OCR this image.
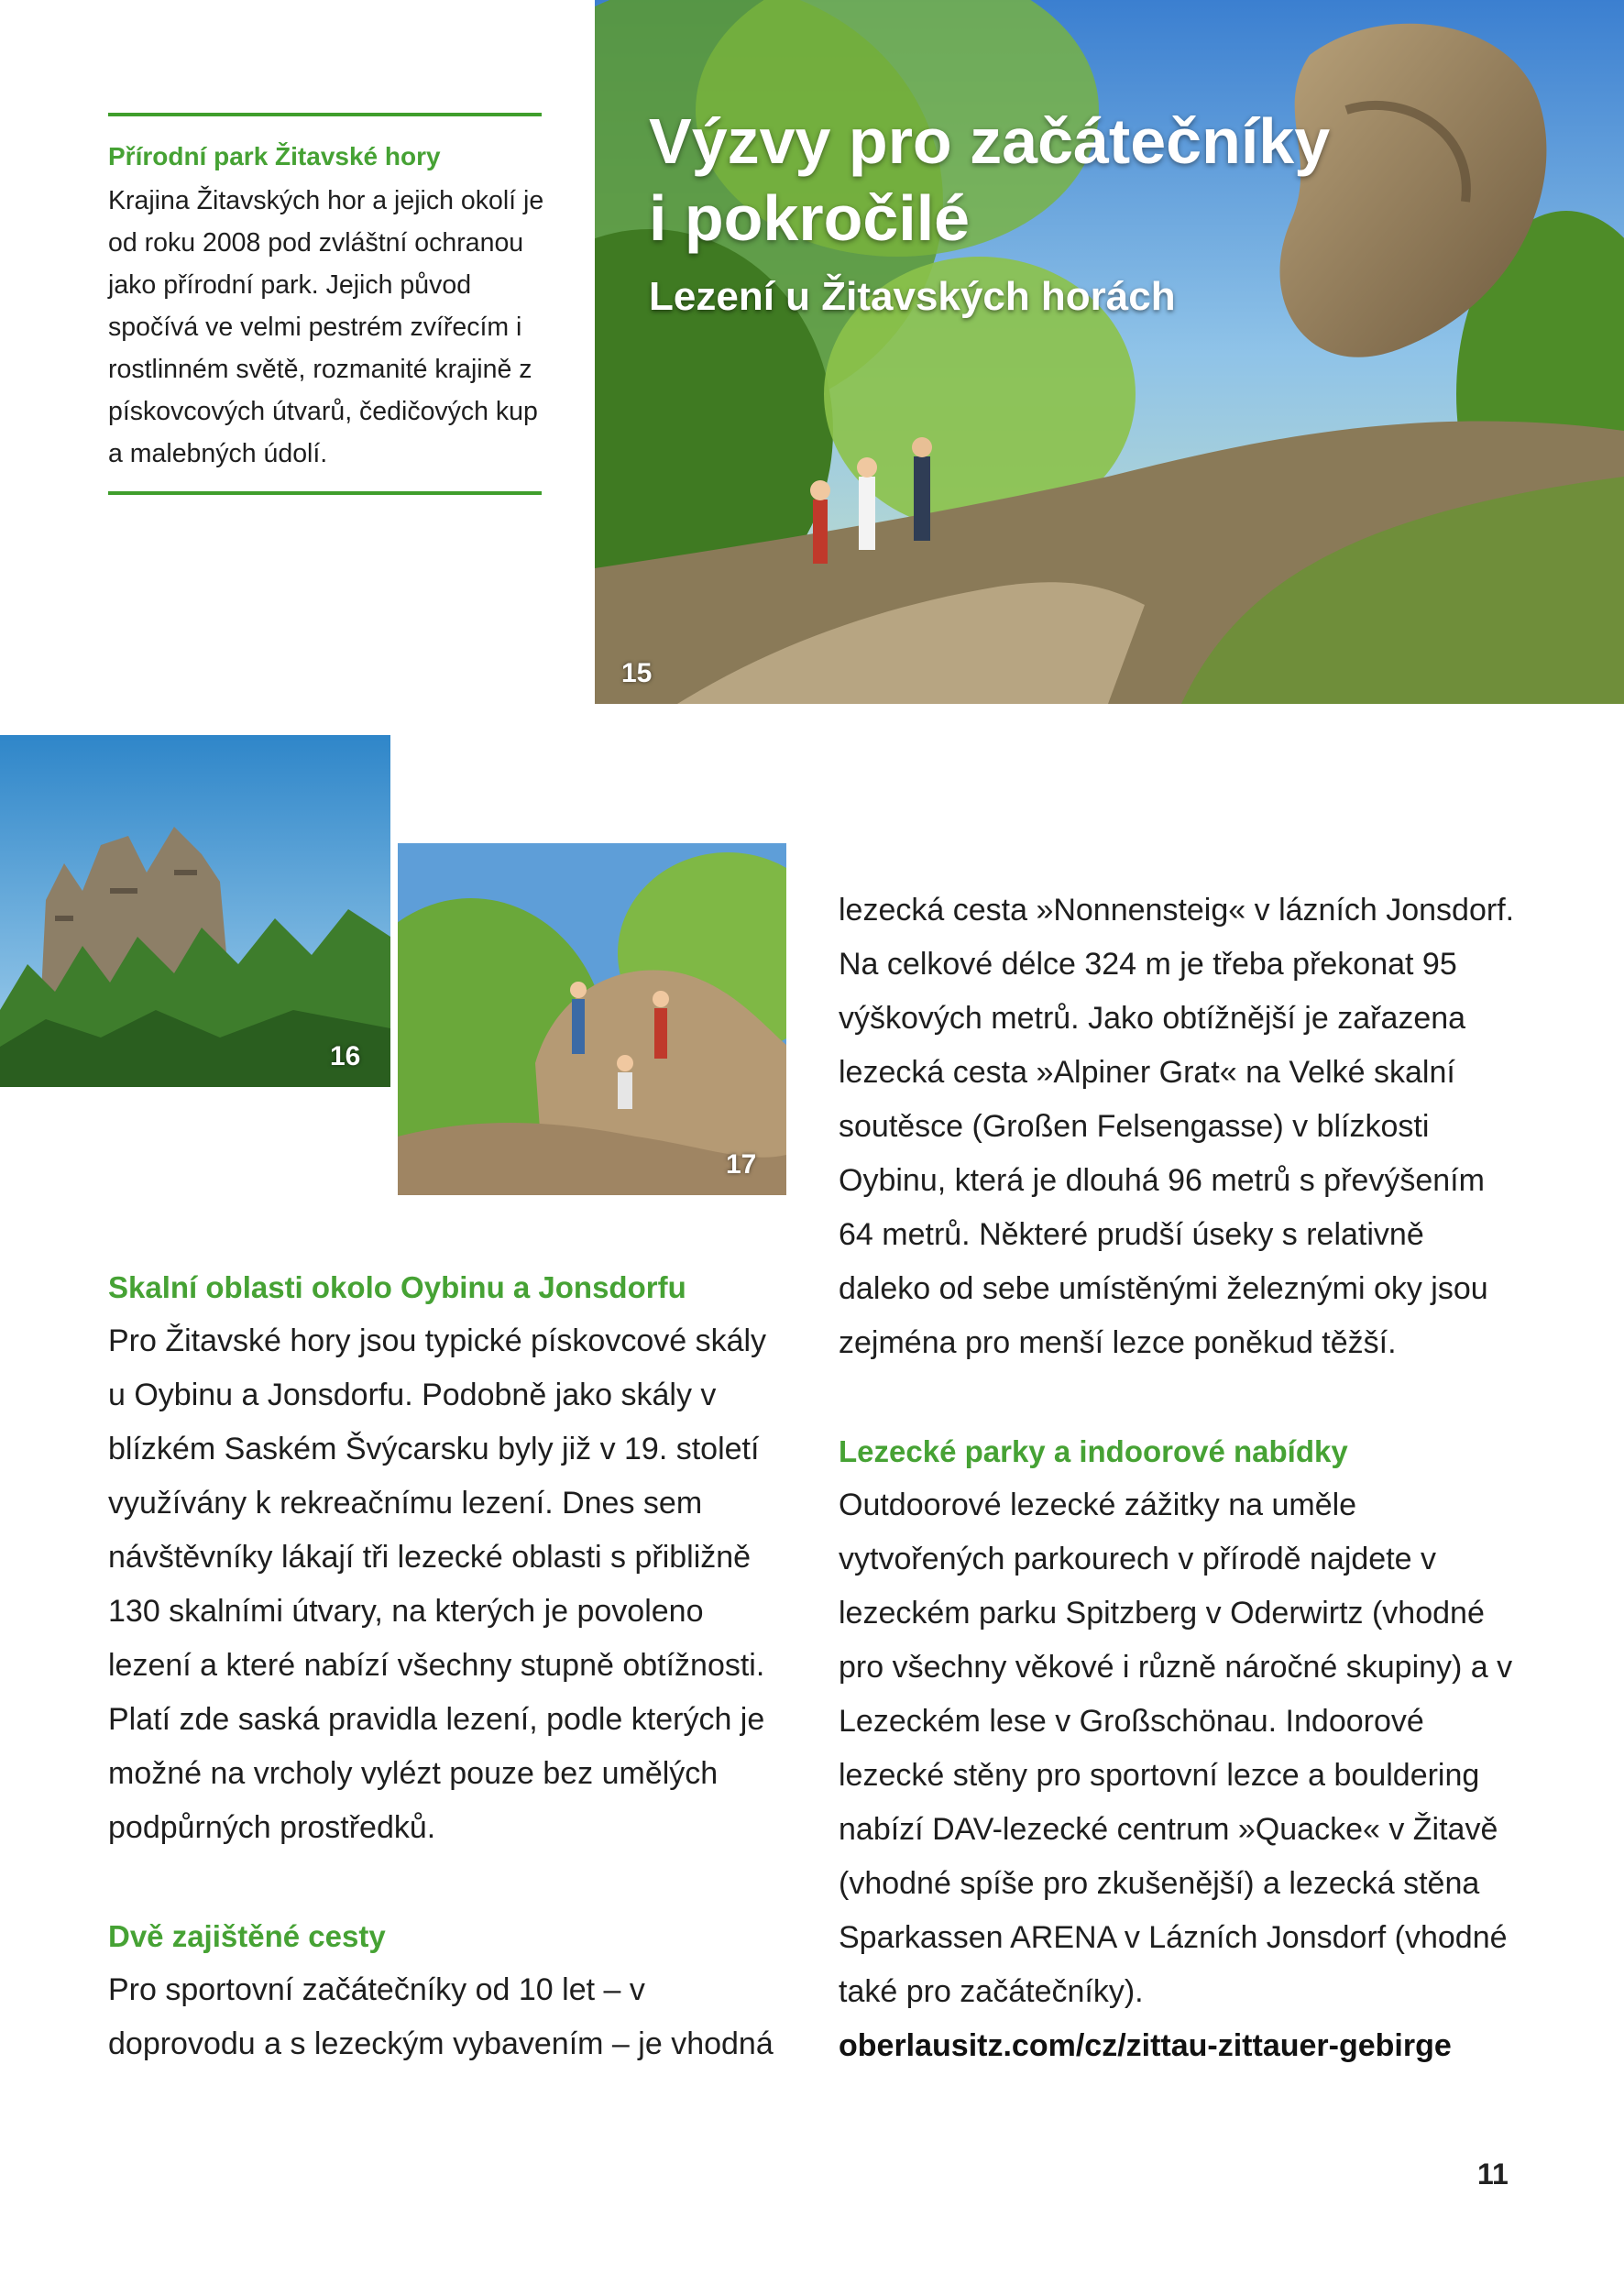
Přírodní park Žitavské hory

Krajina Žitavských hor a jejich okolí je od roku 2008 pod zvláštní ochranou jako přírodní park. Jejich původ spočívá ve velmi pestrém zvířecím i rostlinném světě, rozmanité krajině z pískovcových útvarů, čedičových kup a malebných údolí.

Výzvy pro začátečníky
i pokročilé
Lezení u Žitavských horách
15
16
17
Skalní oblasti okolo Oybinu a Jonsdorfu

Pro Žitavské hory jsou typické pískovcové skály u Oybinu a Jonsdorfu. Podobně jako skály v blízkém Saském Švýcarsku byly již v 19. století využívány k rekreačnímu lezení. Dnes sem návštěvníky lákají tři lezecké oblasti s přibližně 130 skalními útvary, na kterých je povoleno lezení a které nabízí všechny stupně obtížnosti. Platí zde saská pravidla lezení, podle kterých je možné na vrcholy vylézt pouze bez umělých podpůrných prostředků.

Dvě zajištěné cesty

Pro sportovní začátečníky od 10 let – v doprovodu a s lezeckým vybavením – je vhodná

lezecká cesta »Nonnensteig« v lázních Jonsdorf. Na celkové délce 324 m je třeba překonat 95 výškových metrů. Jako obtížnější je zařazena lezecká cesta »Alpiner Grat« na Velké skalní soutěsce (Großen Felsengasse) v blízkosti Oybinu, která je dlouhá 96 metrů s převýšením 64 metrů. Některé prudší úseky s relativně daleko od sebe umístěnými železnými oky jsou zejména pro menší lezce poněkud těžší.

Lezecké parky a indoorové nabídky

Outdoorové lezecké zážitky na uměle vytvořených parkourech v přírodě najdete v lezeckém parku Spitzberg v Oderwirtz (vhodné pro všechny věkové i různě náročné skupiny) a v Lezeckém lese v Großschönau. Indoorové lezecké stěny pro sportovní lezce a bouldering nabízí DAV-lezecké centrum »Quacke« v Žitavě (vhodné spíše pro zkušenější) a lezecká stěna Sparkassen ARENA v Lázních Jonsdorf (vhodné také pro začátečníky).

oberlausitz.com/cz/zittau-zittauer-gebirge

11
